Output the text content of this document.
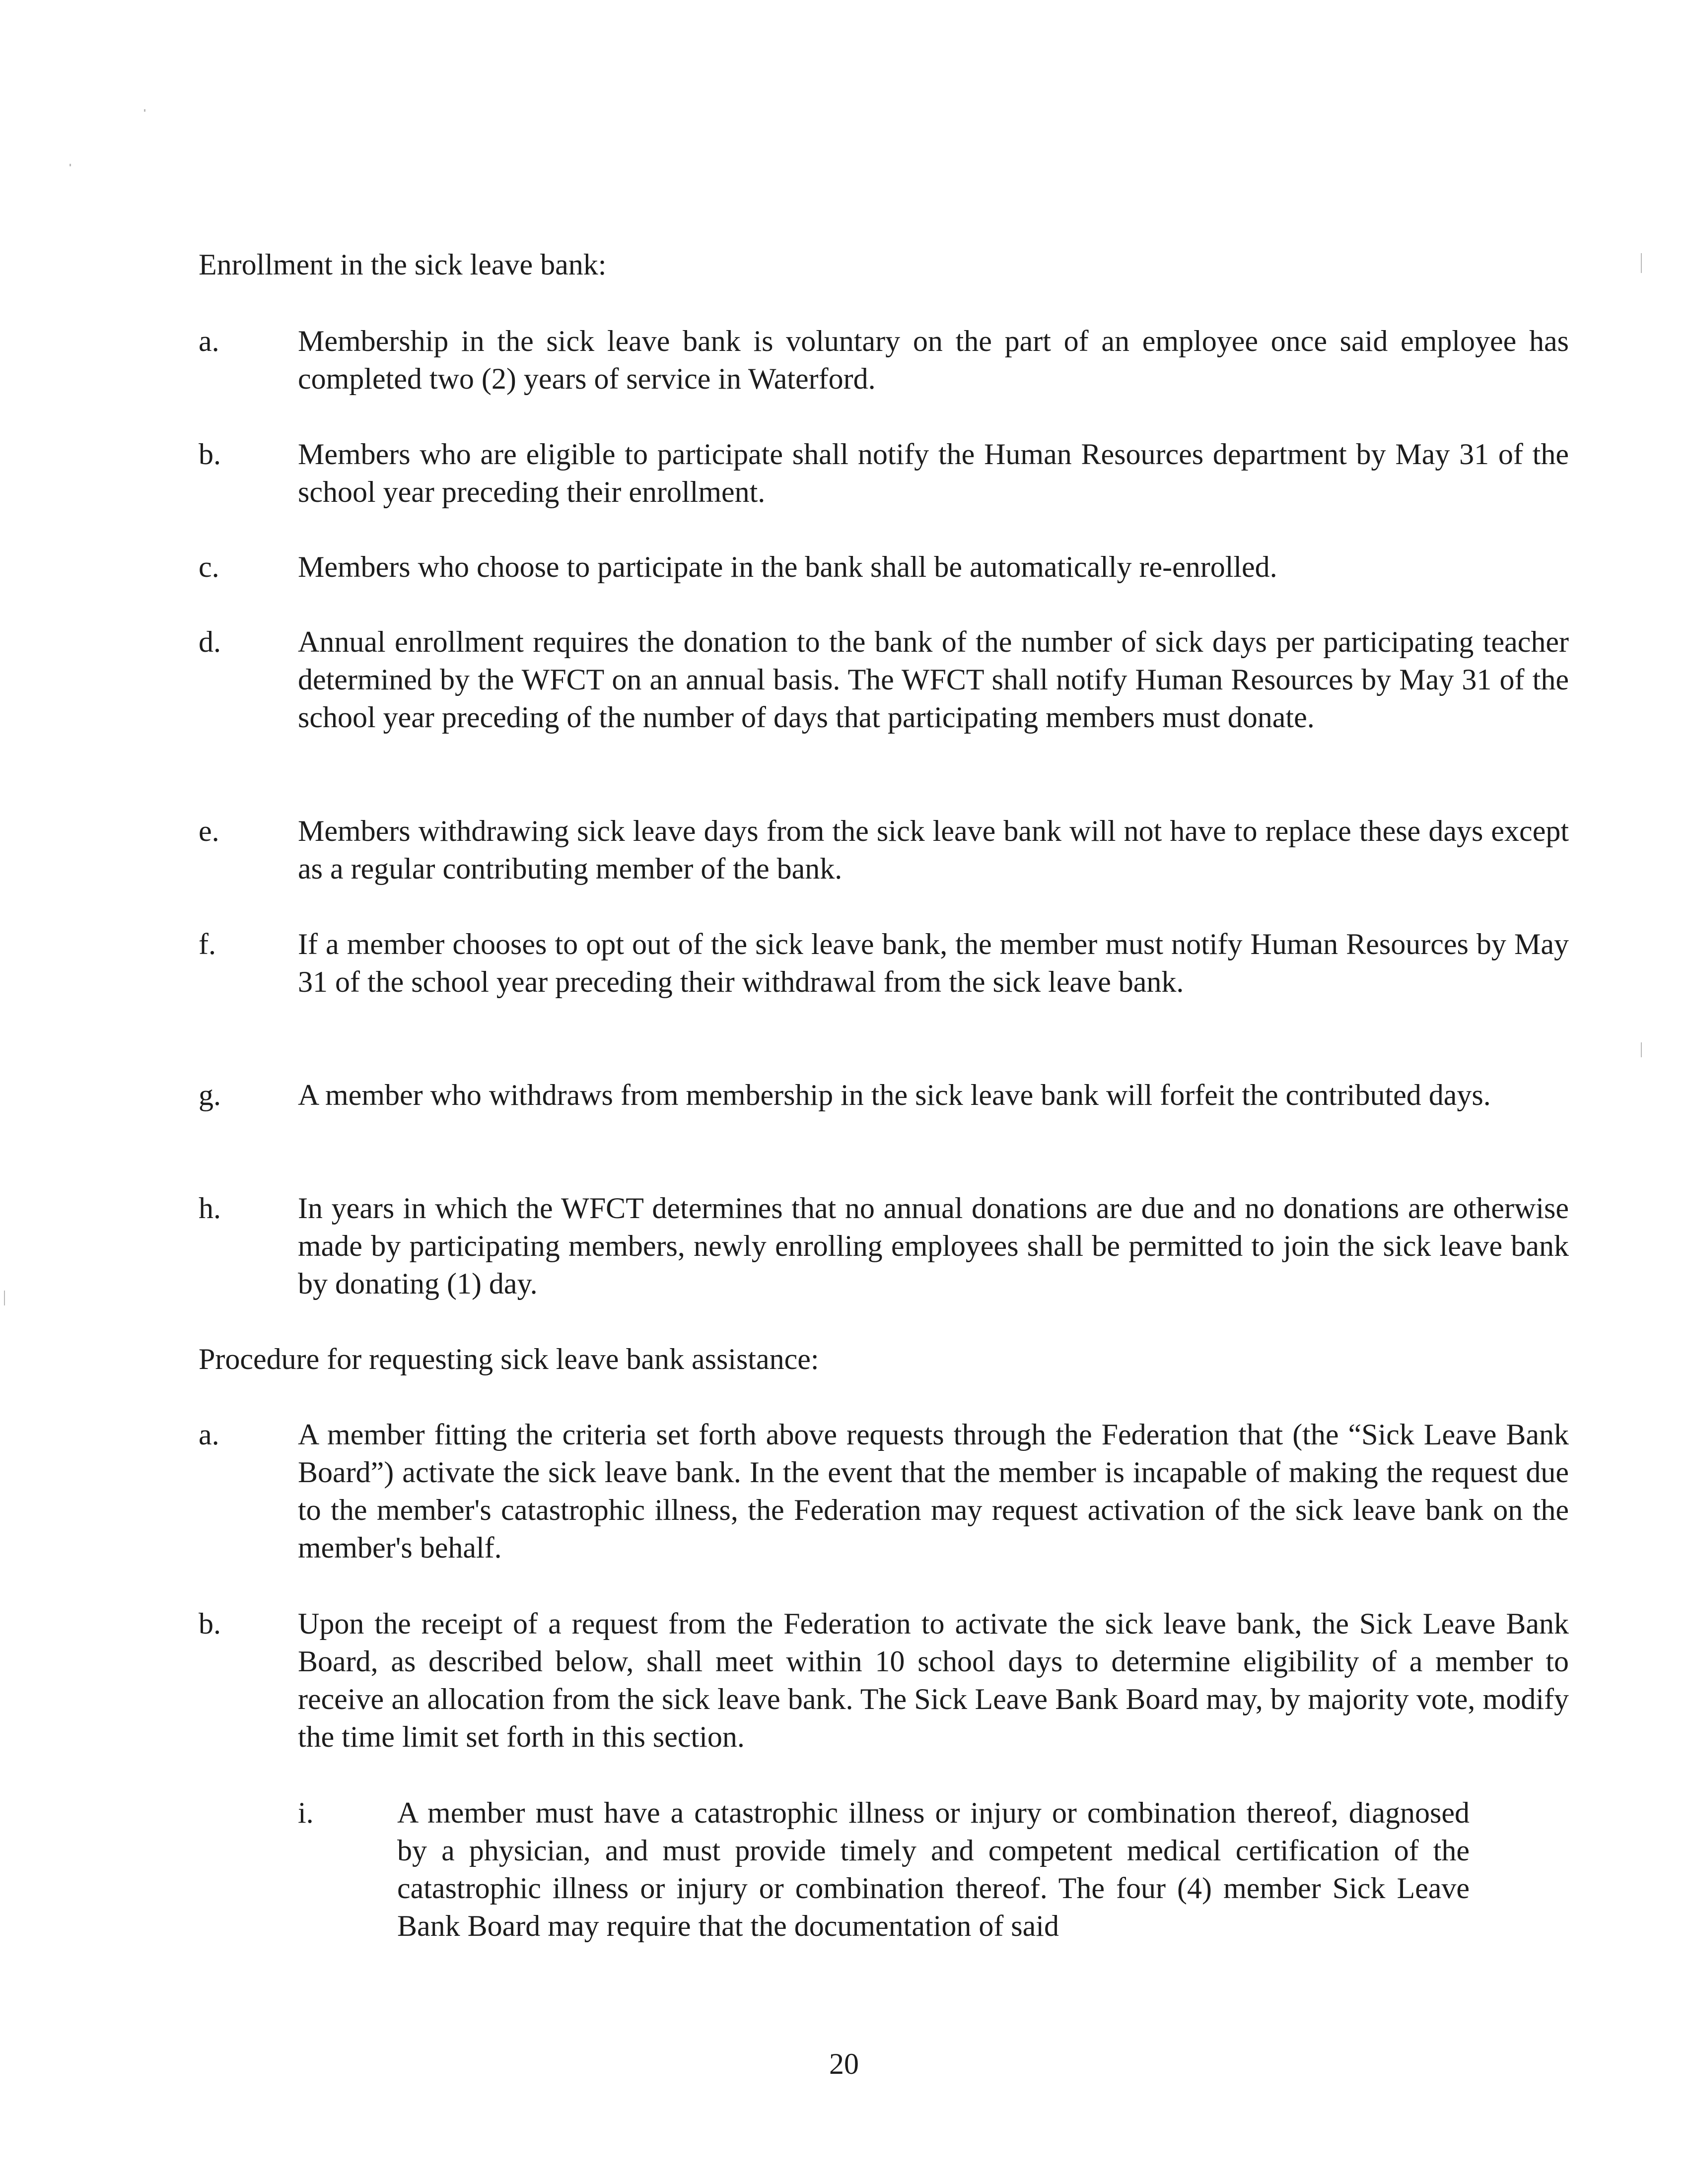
Enrollment in the sick leave bank:
a.	Membership in the sick leave bank is voluntary on the part of an employee once said employee has completed two (2) years of service in Waterford.
b.	Members who are eligible to participate shall notify the Human Resources department by May 31 of the school year preceding their enrollment.
c.	Members who choose to participate in the bank shall be automatically re-enrolled.
d.	Annual enrollment requires the donation to the bank of the number of sick days per participating teacher determined by the WFCT on an annual basis. The WFCT shall notify Human Resources by May 31 of the school year preceding of the number of days that participating members must donate.
e.	Members withdrawing sick leave days from the sick leave bank will not have to replace these days except as a regular contributing member of the bank.
f.	If a member chooses to opt out of the sick leave bank, the member must notify Human Resources by May 31 of the school year preceding their withdrawal from the sick leave bank.
g.	A member who withdraws from membership in the sick leave bank will forfeit the contributed days.
h.	In years in which the WFCT determines that no annual donations are due and no donations are otherwise made by participating members, newly enrolling employees shall be permitted to join the sick leave bank by donating (1) day.
Procedure for requesting sick leave bank assistance:
a.	A member fitting the criteria set forth above requests through the Federation that (the “Sick Leave Bank Board”) activate the sick leave bank. In the event that the member is incapable of making the request due to the member's catastrophic illness, the Federation may request activation of the sick leave bank on the member's behalf.
b.	Upon the receipt of a request from the Federation to activate the sick leave bank, the Sick Leave Bank Board, as described below, shall meet within 10 school days to determine eligibility of a member to receive an allocation from the sick leave bank. The Sick Leave Bank Board may, by majority vote, modify the time limit set forth in this section.
i.	A member must have a catastrophic illness or injury or combination thereof, diagnosed by a physician, and must provide timely and competent medical certification of the catastrophic illness or injury or combination thereof. The four (4) member Sick Leave Bank Board may require that the documentation of said
20
